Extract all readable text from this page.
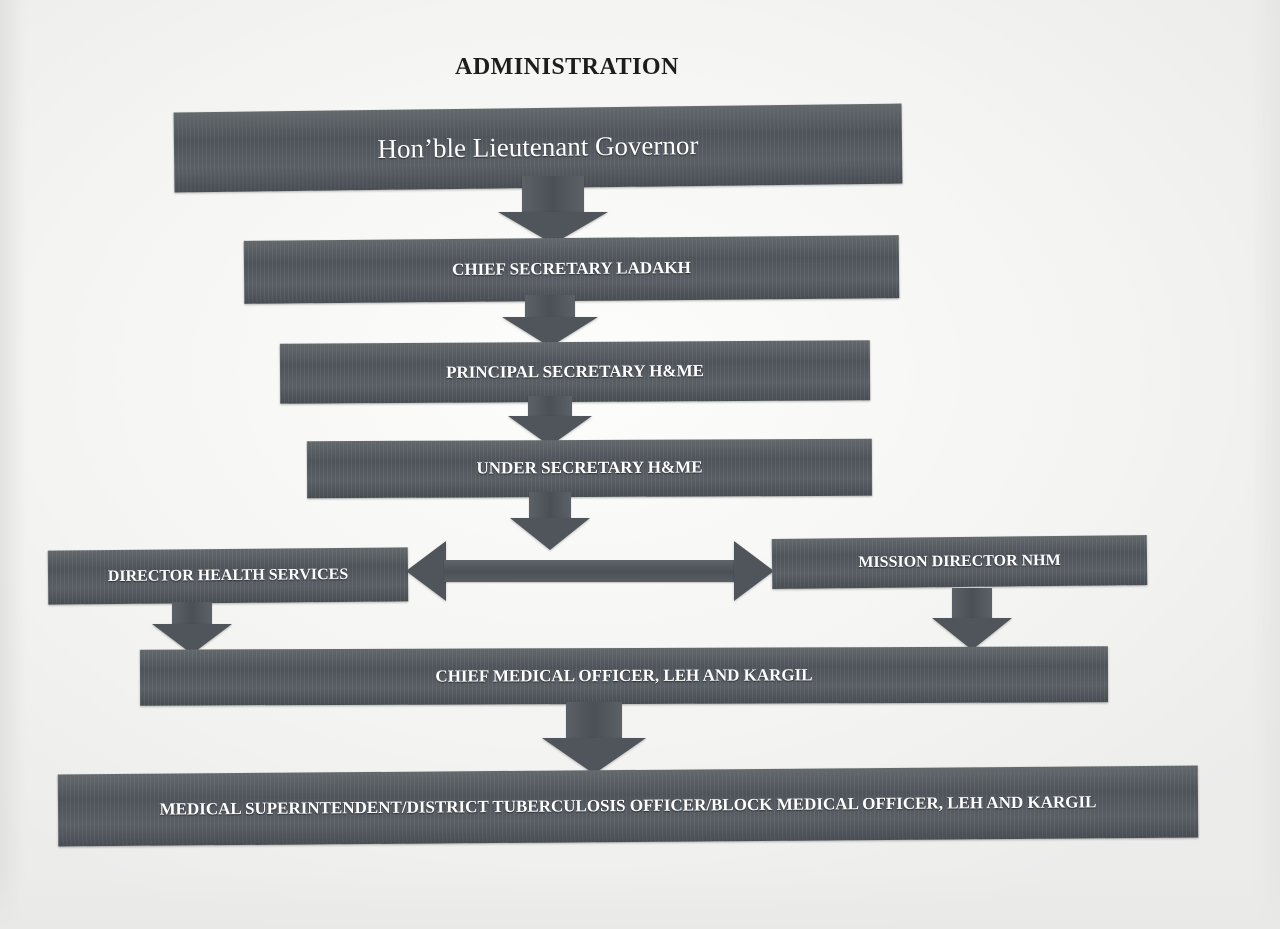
ADMINISTRATION
Hon’ble Lieutenant Governor
CHIEF SECRETARY LADAKH
PRINCIPAL SECRETARY H&ME
UNDER SECRETARY H&ME
DIRECTOR HEALTH SERVICES
MISSION DIRECTOR NHM
CHIEF MEDICAL OFFICER, LEH AND KARGIL
MEDICAL SUPERINTENDENT/DISTRICT TUBERCULOSIS OFFICER/BLOCK MEDICAL OFFICER, LEH AND KARGIL
